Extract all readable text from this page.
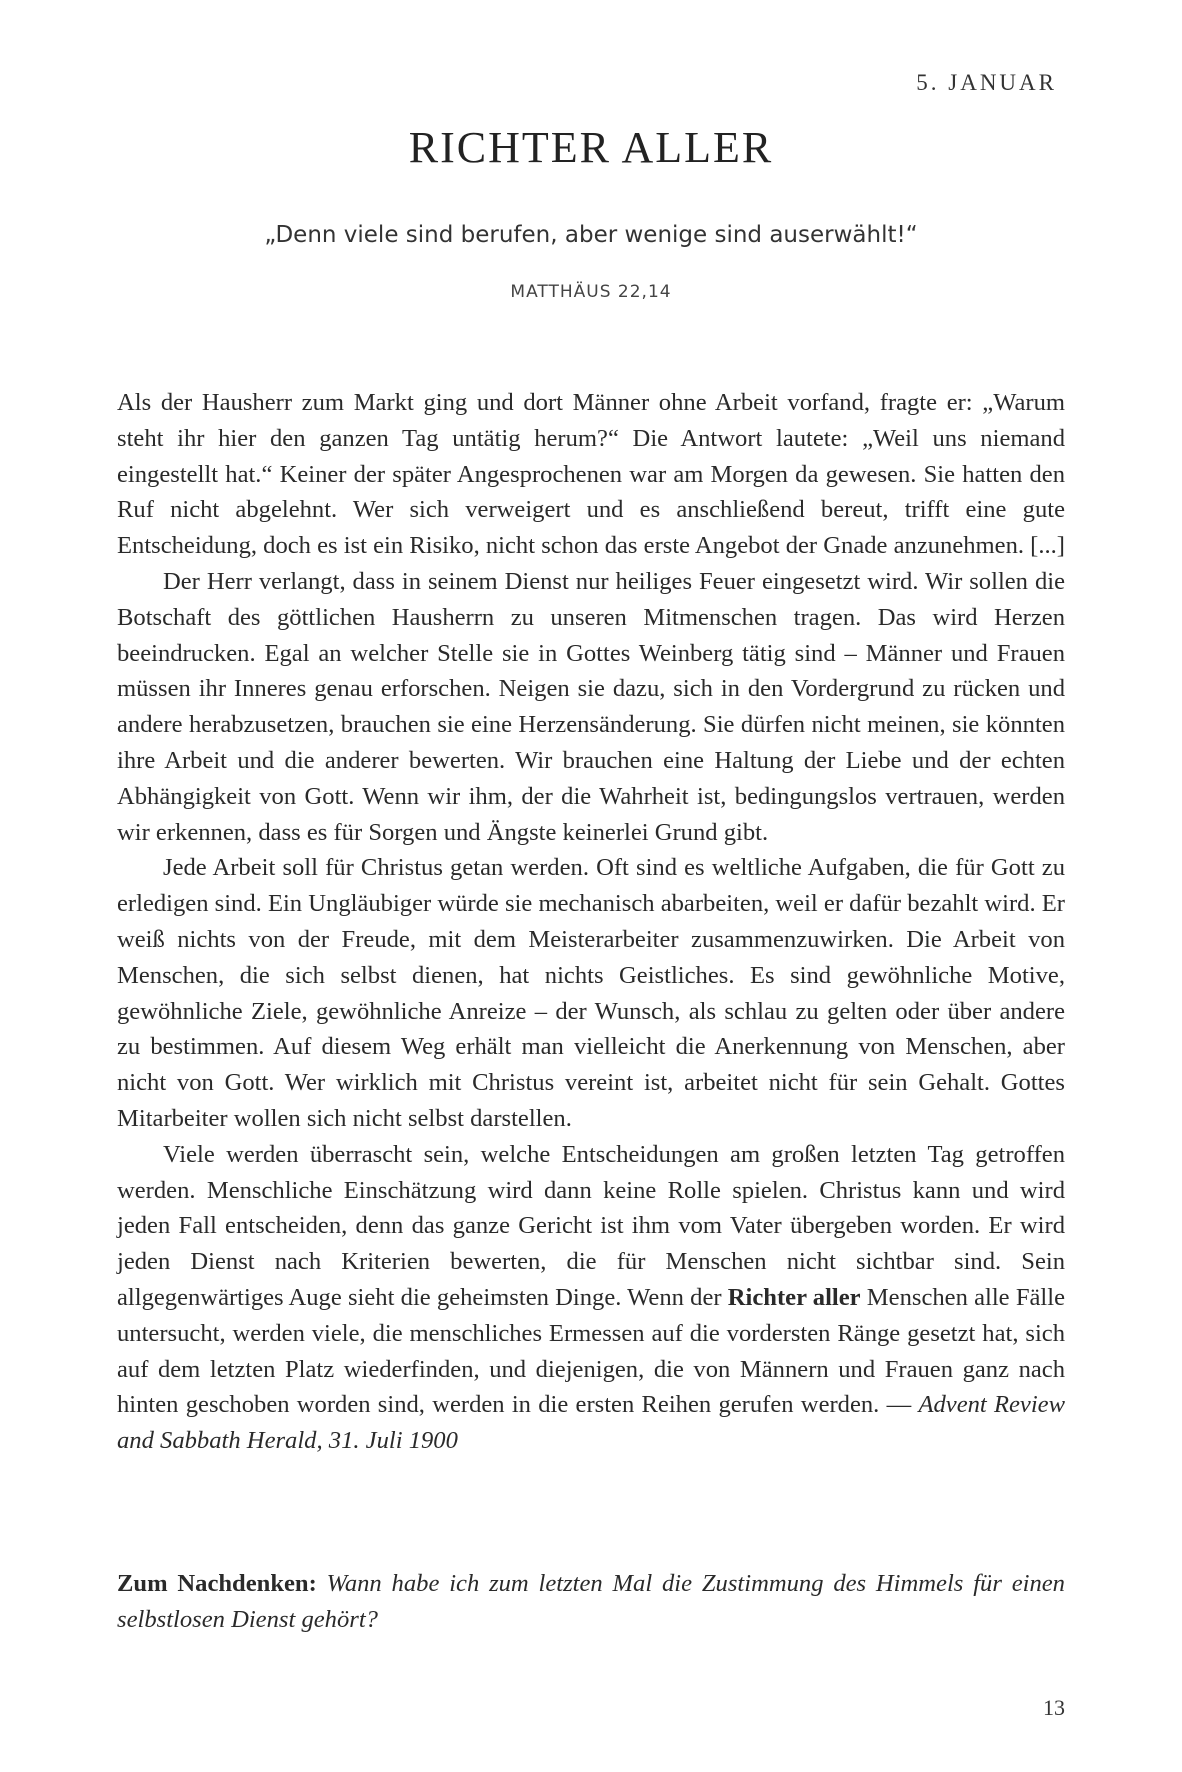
5. JANUAR
RICHTER ALLER
„Denn viele sind berufen, aber wenige sind auserwählt!“
MATTHÄUS 22,14

Als der Hausherr zum Markt ging und dort Männer ohne Arbeit vorfand, fragte er: „Warum steht ihr hier den ganzen Tag untätig herum?“ Die Antwort lautete: „Weil uns niemand eingestellt hat.“ Keiner der später Angesprochenen war am Morgen da gewesen. Sie hatten den Ruf nicht abgelehnt. Wer sich verweigert und es anschließend bereut, trifft eine gute Entscheidung, doch es ist ein Risiko, nicht schon das erste Angebot der Gnade anzunehmen. [...]

Der Herr verlangt, dass in seinem Dienst nur heiliges Feuer eingesetzt wird. Wir sollen die Botschaft des göttlichen Hausherrn zu unseren Mitmenschen tragen. Das wird Herzen beeindrucken. Egal an welcher Stelle sie in Gottes Weinberg tätig sind – Männer und Frauen müssen ihr Inneres genau erforschen. Neigen sie dazu, sich in den Vordergrund zu rücken und andere herabzusetzen, brauchen sie eine Herzensänderung. Sie dürfen nicht meinen, sie könnten ihre Arbeit und die anderer bewerten. Wir brauchen eine Haltung der Liebe und der echten Abhängigkeit von Gott. Wenn wir ihm, der die Wahrheit ist, bedingungslos vertrauen, werden wir erkennen, dass es für Sorgen und Ängste keinerlei Grund gibt.

Jede Arbeit soll für Christus getan werden. Oft sind es weltliche Aufgaben, die für Gott zu erledigen sind. Ein Ungläubiger würde sie mechanisch abarbeiten, weil er dafür bezahlt wird. Er weiß nichts von der Freude, mit dem Meisterarbeiter zusammenzuwirken. Die Arbeit von Menschen, die sich selbst dienen, hat nichts Geistliches. Es sind gewöhnliche Motive, gewöhnliche Ziele, gewöhnliche Anreize – der Wunsch, als schlau zu gelten oder über andere zu bestimmen. Auf diesem Weg erhält man vielleicht die Anerkennung von Menschen, aber nicht von Gott. Wer wirklich mit Christus vereint ist, arbeitet nicht für sein Gehalt. Gottes Mitarbeiter wollen sich nicht selbst darstellen.

Viele werden überrascht sein, welche Entscheidungen am großen letzten Tag getroffen werden. Menschliche Einschätzung wird dann keine Rolle spielen. Christus kann und wird jeden Fall entscheiden, denn das ganze Gericht ist ihm vom Vater übergeben worden. Er wird jeden Dienst nach Kriterien bewerten, die für Menschen nicht sichtbar sind. Sein allgegenwärtiges Auge sieht die geheimsten Dinge. Wenn der Richter aller Menschen alle Fälle untersucht, werden viele, die menschliches Ermessen auf die vordersten Ränge gesetzt hat, sich auf dem letzten Platz wiederfinden, und diejenigen, die von Männern und Frauen ganz nach hinten geschoben worden sind, werden in die ersten Reihen gerufen werden. — Advent Review and Sabbath Herald, 31. Juli 1900

Zum Nachdenken: Wann habe ich zum letzten Mal die Zustimmung des Himmels für einen selbstlosen Dienst gehört?
13
